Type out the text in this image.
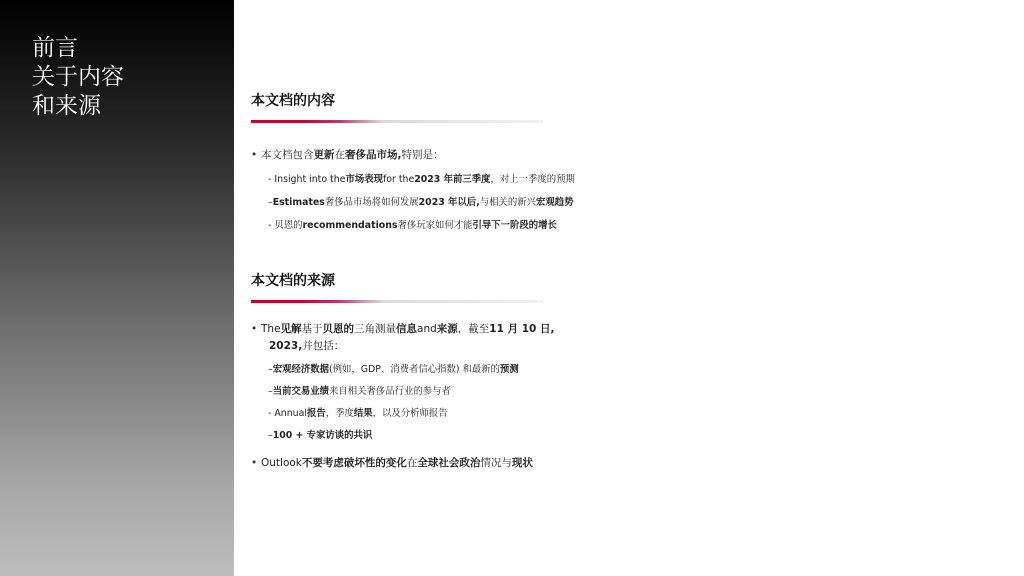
前言
关于内容
和来源	本文档的内容
• 本文档包含更新在奢侈品市场,特别是：
- Insight into the市场表现for the2023 年前三季度，对上一季度的预期
–Estimates奢侈品市场将如何发展2023 年以后,与相关的新兴宏观趋势
- 贝恩的recommendations奢侈玩家如何才能引导下一阶段的增长
本文档的来源
• The见解基于贝恩的三角测量信息and来源，截至11 月 10 日,
2023,并包括：
–宏观经济数据(例如，GDP、消费者信心指数) 和最新的预测
–当前交易业绩来自相关奢侈品行业的参与者
- Annual报告，季度结果，以及分析师报告
–100 + 专家访谈的共识
• Outlook不要考虑破坏性的变化在全球社会政治情况与现状
